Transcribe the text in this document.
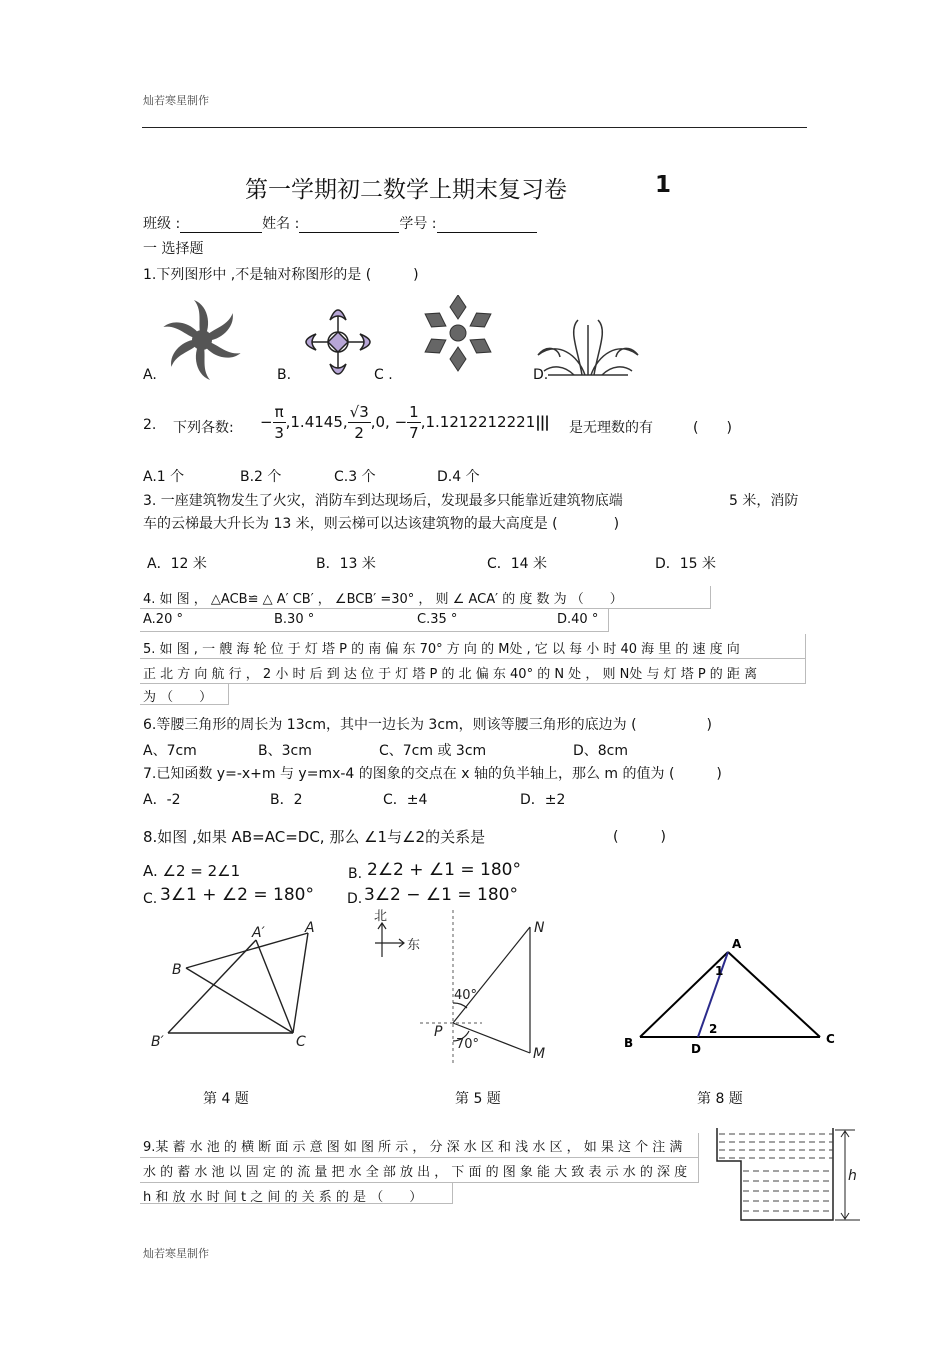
灿若寒星制作
第一学期初二数学上期末复习卷	1
班级 :	姓名 :	学号 :
一 选择题
1.下列图形中 ,不是轴对称图形的是 (　　　)
A.	B.	C .	D.
2. 下列各数: − $\frac{\pi}{3} ,1.4145$, $\frac{√3}{2} ,0$, − $\frac{1}{7} ,1.1212212221|||$ 是无理数的有	(　　)
A.1 个	B.2 个	C.3 个	D.4 个
3. 一座建筑物发生了火灾，消防车到达现场后，发现最多只能靠近建筑物底端	5 米，消防
车的云梯最大升长为 13 米，则云梯可以达该建筑物的最大高度是 (　　　　)
A．12 米	B．13 米	C．14 米	D．15 米
4. 如 图 ， △ACB≌ △ A′ CB′ ， ∠BCB′ =30° ， 则 ∠ ACA′ 的 度 数 为 （　　）
A.20 °	B.30 °	C.35 °	D.40 °
5. 如 图 , 一 艘 海 轮 位 于 灯 塔 P 的 南 偏 东 70° 方 向 的 M处 , 它 以 每 小 时 40 海 里 的 速 度 向
正 北 方 向 航 行 ， 2 小 时 后 到 达 位 于 灯 塔 P 的 北 偏 东 40° 的 N 处 ， 则 N处 与 灯 塔 P 的 距 离
为 （　　）
6.等腰三角形的周长为 13cm，其中一边长为 3cm，则该等腰三角形的底边为 (　　　　　)
A、7cm	B、3cm	C、7cm 或 3cm	D、8cm
7.已知函数 y=-x+m 与 y=mx-4 的图象的交点在 x 轴的负半轴上，那么 m 的值为 (　　　)
A．-2	B．2	C．±4	D．±2
8.如图 ,如果 AB=AC=DC, 那么 ∠1与∠2的关系是	(　　　)
A. ∠2 = 2∠1	B. 2∠2 + ∠1 = 180°
C. 3∠1 + ∠2 = 180° D. 3∠2 − ∠1 = 180°
A′	A
B
B′	C
第 4 题
北
东
40°
70°
N
P
M
第 5 题
A
1
2
B	D
C
第 8 题
9.某 蓄 水 池 的 横 断 面 示 意 图 如 图 所 示 ， 分 深 水 区 和 浅 水 区 ， 如 果 这 个 注 满
水 的 蓄 水 池 以 固 定 的 流 量 把 水 全 部 放 出 ， 下 面 的 图 象 能 大 致 表 示 水 的 深 度
h 和 放 水 时 间 t 之 间 的 关 系 的 是 （　　）
h
灿若寒星制作
